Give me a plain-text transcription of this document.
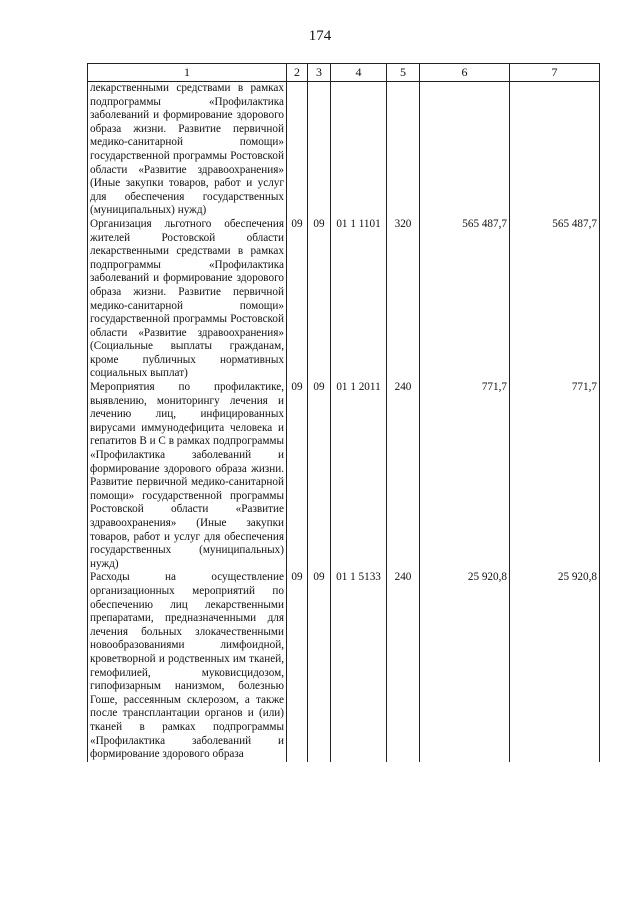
174
1	2	3	4	5	6	7
лекарственными средствами в рамках подпрограммы «Профилактика заболеваний и формирование здорового образа жизни. Развитие первичной медико-санитарной помощи» государственной программы Ростовской области «Развитие здравоохранения» (Иные закупки товаров, работ и услуг для обеспечения государственных (муниципальных) нужд)						
Организация льготного обеспечения жителей Ростовской области лекарственными средствами в рамках подпрограммы «Профилактика заболеваний и формирование здорового образа жизни. Развитие первичной медико-санитарной помощи» государственной программы Ростовской области «Развитие здравоохранения» (Социальные выплаты гражданам, кроме публичных нормативных социальных выплат)	09	09	01 1 1101	320	565 487,7	565 487,7
Мероприятия по профилактике, выявлению, мониторингу лечения и лечению лиц, инфицированных вирусами иммунодефицита человека и гепатитов B и C в рамках подпрограммы «Профилактика заболеваний и формирование здорового образа жизни. Развитие первичной медико-санитарной помощи» государственной программы Ростовской области «Развитие здравоохранения» (Иные закупки товаров, работ и услуг для обеспечения государственных (муниципальных) нужд)	09	09	01 1 2011	240	771,7	771,7
Расходы на осуществление организационных мероприятий по обеспечению лиц лекарственными препаратами, предназначенными для лечения больных злокачественными новообразованиями лимфоидной, кроветворной и родственных им тканей, гемофилией, муковисцидозом, гипофизарным нанизмом, болезнью Гоше, рассеянным склерозом, а также после трансплантации органов и (или) тканей в рамках подпрограммы «Профилактика заболеваний и формирование здорового образа	09	09	01 1 5133	240	25 920,8	25 920,8
